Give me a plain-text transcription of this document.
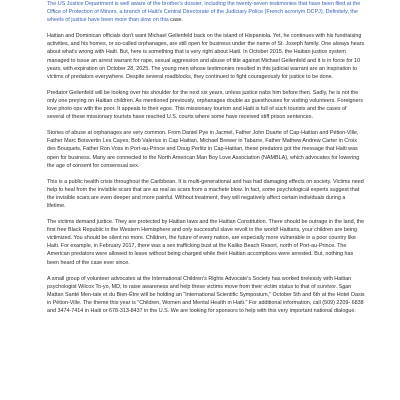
The US Justice Department is well aware of the brother's dossier, including the twenty-seven testimonies that have been filed at the Office of Protection of Minors, a branch of Haiti's Central Directorate of the Judiciary Police (French acronym DCPJ). Definitely, the wheels of justice have been more than slow on this case.

Haitian and Dominican officials don't want Michael Geilenfeld back on the island of Hispaniola. Yet, he continues with his fundraising activities, and his homes, or so-called orphanages, are still open for business under the name of St. Joseph family. One always hears about what's wrong with Haiti. But, here is something that is very right about Haiti. In October 2015, the Haitian justice system managed to issue an arrest warrant for rape, sexual aggression and abuse of title against Michael Geilenfeld and it is in force for 10 years, with expiration on October 28, 2025. The young men whose testimonies resulted in this judicial warrant are an inspiration to victims of predators everywhere. Despite several roadblocks, they continued to fight courageously for justice to be done.

Predator Geilenfeld will be looking over his shoulder for the next six years, unless justice nabs him before then. Sadly, he is not the only one preying on Haitian children. As mentioned previously, orphanages double as guesthouses for visiting volunteers. Foreigners love photo ops with the poor. It appeals to their egos. This missionary tourism and Haiti is full of such tourists and the cases of several of these missionary tourists have reached U.S. courts where some have received stiff prison sentences.

Stories of abuse at orphanages are very common. From Daniel Pye in Jacmel, Father John Duarte of Cap-Haitian and Pétion-Ville, Father Marc Boisvertin Les Cayes, Bob Valerius in Cap Haitian, Michael Brewer in Tabarre, Father Mathew Andrew Carter in Croix des Bouquets, Father Ron Voss in Port-au-Prince and Doug Perlitz in Cap-Haitian, these predators got the message that Haiti was open for business. Many are connected to the North American Man Boy Love Association (NAMBLA), which advocates for lowering the age of consent for consensual sex.

This is a public health crisis throughout the Caribbean. It is multi-generational and has had damaging effects on society. Victims need help to heal from the invisible scars that are as real as scars from a machete blow. In fact, some psychological experts suggest that the invisible scars are even deeper and more painful. Without treatment, they will negatively affect certain individuals during a lifetime.

The victims demand justice. They are protected by Haitian laws and the Haitian Constitution. There should be outrage in the land, the first free Black Republic in the Western Hemisphere and only successful slave revolt in the world! Haitians, your children are being victimized. You should be silent no more. Children, the future of every nation, are especially more vulnerable in a poor country like Haiti. For example, in February 2017, there was a sex trafficking bust at the Kaliko Beach Resort, north of Port-au-Prince. The American predators were allowed to leave without being charged while their Haitian accomplices were arrested. But, nothing has been heard of the case ever since.

A small group of volunteer advocates at the International Children's Rights Advocate's Society has worked tirelessly with Haitian psychologist Wilcox To-yo, MD, to raise awareness and help these victims move from their victim status to that of survivor. Sa̲an Mattan Santé Men-tale et du Bien-Être will be holding an "International Scientific Symposium," October 5th and 6th at the Hotel Oasis in Pétion-Ville. The theme this year is "Children, Women and Mental Health in Haiti." For additional information, call (509) 2209- 6838 and 3474-7414 in Haiti or 678-313-8437 in the U.S. We are looking for sponsors to help with this very important national dialogue.
